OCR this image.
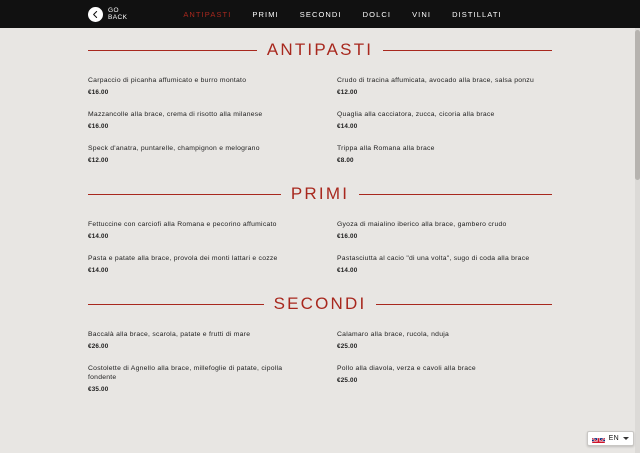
GO
BACK	ANTIPASTI	PRIMI	SECONDI	DOLCI	VINI	DISTILLATI
ANTIPASTI
Carpaccio di picanha affumicato e burro montato
€16.00
Crudo di tracina affumicata, avocado alla brace, salsa ponzu
€12.00
Mazzancolle alla brace, crema di risotto alla milanese
€16.00
Quaglia alla cacciatora, zucca, cicoria alla brace
€14.00
Speck d'anatra, puntarelle, champignon e melograno
€12.00
Trippa alla Romana alla brace
€8.00
PRIMI
Fettuccine con carciofi alla Romana e pecorino affumicato
€14.00
Gyoza di maialino iberico alla brace, gambero crudo
€16.00
Pasta e patate alla brace, provola dei monti lattari e cozze
€14.00
Pastasciutta al cacio "di una volta", sugo di coda alla brace
€14.00
SECONDI
Baccalà alla brace, scarola, patate e frutti di mare
€26.00
Calamaro alla brace, rucola, nduja
€25.00
Costolette di Agnello alla brace, millefoglie di patate, cipolla fondente
€35.00
Pollo alla diavola, verza e cavoli alla brace
€25.00
EN
